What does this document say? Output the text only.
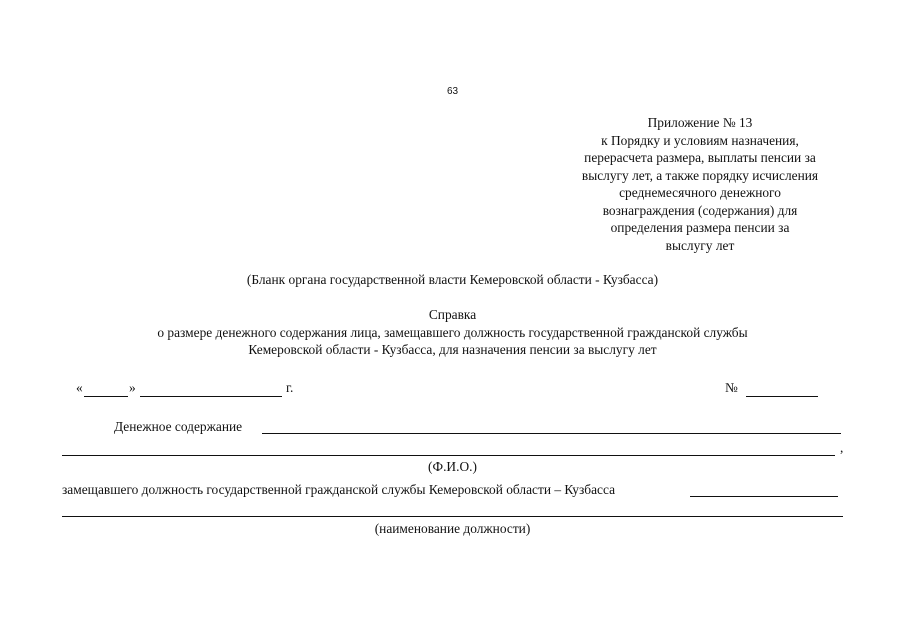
63
Приложение № 13
к Порядку и условиям назначения,
перерасчета размера, выплаты пенсии за
выслугу лет, а также порядку исчисления
среднемесячного денежного
вознаграждения (содержания) для
определения размера пенсии за
выслугу лет
(Бланк органа государственной власти Кемеровской области - Кузбасса)
Справка
о размере денежного содержания лица, замещавшего должность государственной гражданской службы
Кемеровской области - Кузбасса, для назначения пенсии за выслугу лет
«	»	г.	№
Денежное содержание
,
(Ф.И.О.)
замещавшего должность государственной гражданской службы Кемеровской области – Кузбасса
(наименование должности)
